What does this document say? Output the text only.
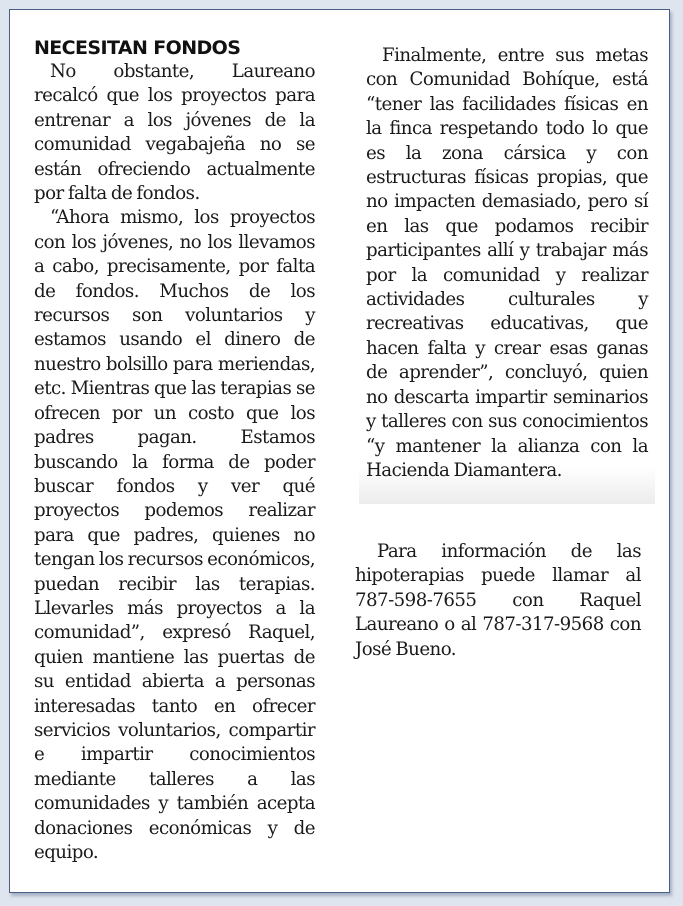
NECESITAN FONDOS

No obstante, Laureano recalcó que los proyectos para entrenar a los jóvenes de la comunidad vegabajeña no se están ofreciendo actualmente por falta de fondos.

“Ahora mismo, los proyectos con los jóvenes, no los llevamos a cabo, precisamente, por falta de fondos. Muchos de los recursos son voluntarios y estamos usando el dinero de nuestro bolsillo para meriendas, etc. Mientras que las terapias se ofrecen por un costo que los padres pagan. Estamos buscando la forma de poder buscar fondos y ver qué proyectos podemos realizar para que padres, quienes no tengan los recursos económicos, puedan recibir las terapias. Llevarles más proyectos a la comunidad”, expresó Raquel, quien mantiene las puertas de su entidad abierta a personas interesadas tanto en ofrecer servicios voluntarios, compartir e impartir conocimientos mediante talleres a las comunidades y también acepta donaciones económicas y de equipo.

Finalmente, entre sus metas con Comunidad Bohíque, está “tener las facilidades físicas en la finca respetando todo lo que es la zona cársica y con estructuras físicas propias, que no impacten demasiado, pero sí en las que podamos recibir participantes allí y trabajar más por la comunidad y realizar actividades culturales y recreativas educativas, que hacen falta y crear esas ganas de aprender”, concluyó, quien no descarta impartir seminarios y talleres con sus conocimientos “y mantener la alianza con la Hacienda Diamantera.

Para información de las hipoterapias puede llamar al 787-598-7655 con Raquel Laureano o al 787-317-9568 con José Bueno.
